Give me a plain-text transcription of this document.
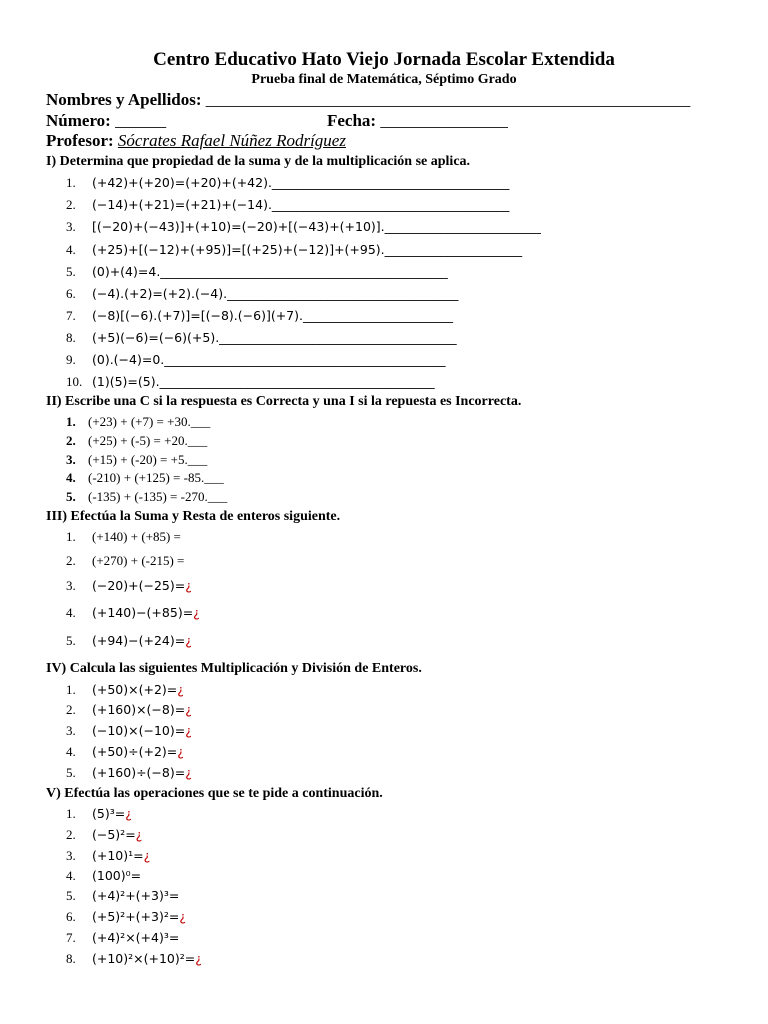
Centro Educativo Hato Viejo Jornada Escolar Extendida
Prueba final de Matemática, Séptimo Grado
Nombres y Apellidos: _________________________________________________________
Número: ______	Fecha: _______________
Profesor: Sócrates Rafael Núñez Rodríguez
I) Determina que propiedad de la suma y de la multiplicación se aplica.
1. (+42)+(+20)=(+20)+(+42).______________________________________
2. (−14)+(+21)=(+21)+(−14).______________________________________
3. [(−20)+(−43)]+(+10)=(−20)+[(−43)+(+10)]._________________________
4. (+25)+[(−12)+(+95)]=[(+25)+(−12)]+(+95).______________________
5. (0)+(4)=4.______________________________________________
6. (−4).(+2)=(+2).(−4)._____________________________________
7. (−8)[(−6).(+7)]=[(−8).(−6)](+7).________________________
8. (+5)(−6)=(−6)(+5).______________________________________
9. (0).(−4)=0._____________________________________________
10. (1)(5)=(5).____________________________________________
II) Escribe una C si la respuesta es Correcta y una I si la repuesta es Incorrecta.
1. (+23) + (+7) = +30.___
2. (+25) + (-5) = +20.___
3. (+15) + (-20) = +5.___
4. (-210) + (+125) = -85.___
5. (-135) + (-135) = -270.___
III) Efectúa la Suma y Resta de enteros siguiente.
1. (+140) + (+85) =
2. (+270) + (-215) =
3. (−20)+(−25)=¿
4. (+140)−(+85)=¿
5. (+94)−(+24)=¿
IV) Calcula las siguientes Multiplicación y División de Enteros.
1. (+50)×(+2)=¿
2. (+160)×(−8)=¿
3. (−10)×(−10)=¿
4. (+50)÷(+2)=¿
5. (+160)÷(−8)=¿
V) Efectúa las operaciones que se te pide a continuación.
1. (5)³=¿
2. (−5)²=¿
3. (+10)¹=¿
4. (100)⁰=
5. (+4)²+(+3)³=
6. (+5)²+(+3)²=¿
7. (+4)²×(+4)³=
8. (+10)²×(+10)²=¿
